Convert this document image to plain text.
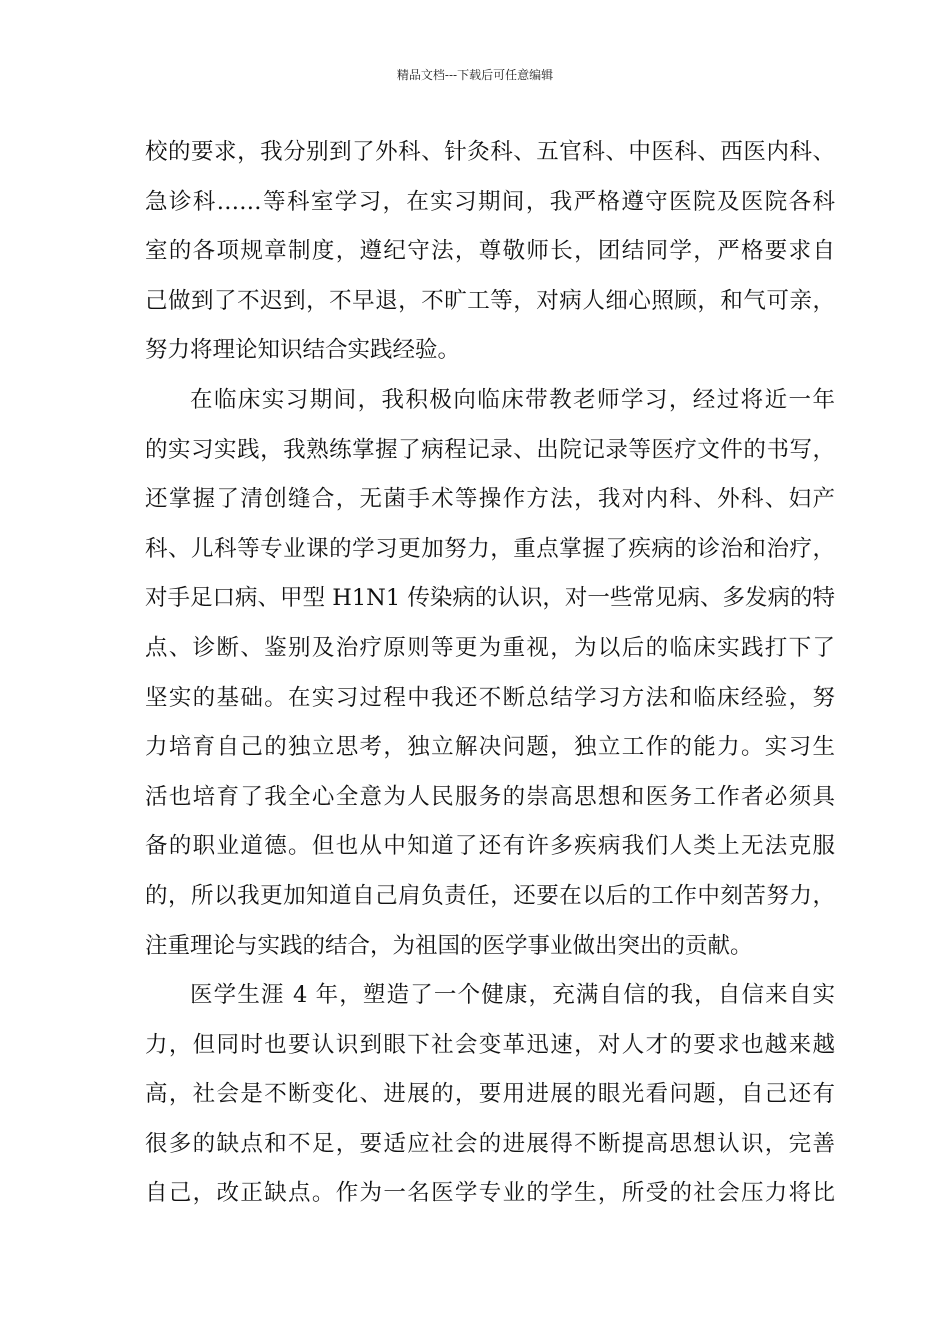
精品文档---下载后可任意编辑
校的要求，我分别到了外科、针灸科、五官科、中医科、西医内科、
急诊科……等科室学习，在实习期间，我严格遵守医院及医院各科
室的各项规章制度，遵纪守法，尊敬师长，团结同学，严格要求自
己做到了不迟到，不早退，不旷工等，对病人细心照顾，和气可亲，
努力将理论知识结合实践经验。
在临床实习期间，我积极向临床带教老师学习，经过将近一年
的实习实践，我熟练掌握了病程记录、出院记录等医疗文件的书写，
还掌握了清创缝合，无菌手术等操作方法，我对内科、外科、妇产
科、儿科等专业课的学习更加努力，重点掌握了疾病的诊治和治疗，
对手足口病、甲型 H1N1 传染病的认识，对一些常见病、多发病的特
点、诊断、鉴别及治疗原则等更为重视，为以后的临床实践打下了
坚实的基础。在实习过程中我还不断总结学习方法和临床经验，努
力培育自己的独立思考，独立解决问题，独立工作的能力。实习生
活也培育了我全心全意为人民服务的崇高思想和医务工作者必须具
备的职业道德。但也从中知道了还有许多疾病我们人类上无法克服
的，所以我更加知道自己肩负责任，还要在以后的工作中刻苦努力，
注重理论与实践的结合，为祖国的医学事业做出突出的贡献。
医学生涯 4 年，塑造了一个健康，充满自信的我，自信来自实
力，但同时也要认识到眼下社会变革迅速，对人才的要求也越来越
高，社会是不断变化、进展的，要用进展的眼光看问题，自己还有
很多的缺点和不足，要适应社会的进展得不断提高思想认识，完善
自己，改正缺点。作为一名医学专业的学生，所受的社会压力将比
